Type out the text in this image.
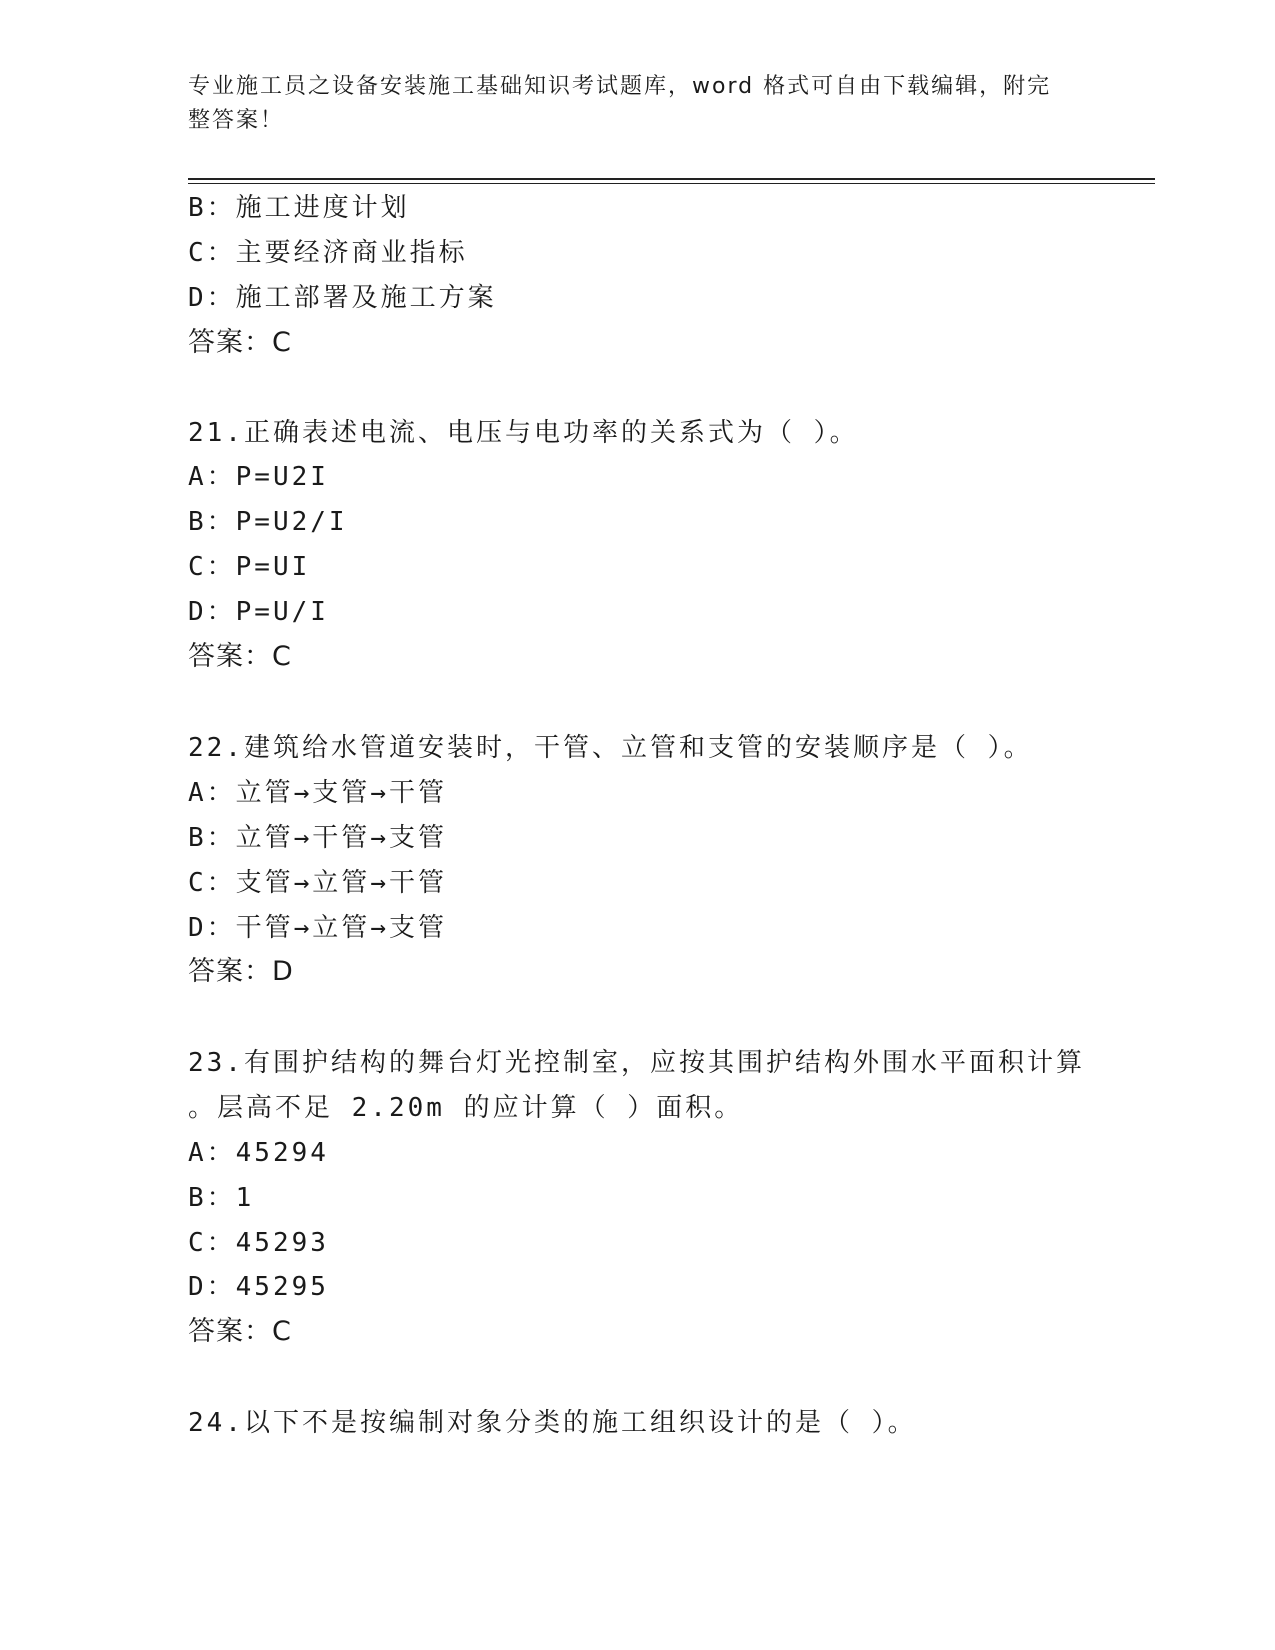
专业施工员之设备安装施工基础知识考试题库，word 格式可自由下载编辑，附完
整答案！
B：施工进度计划
C：主要经济商业指标
D：施工部署及施工方案
答案：C
21.正确表述电流、电压与电功率的关系式为（ ）。
A：P=U2I
B：P=U2/I
C：P=UI
D：P=U/I
答案：C
22.建筑给水管道安装时，干管、立管和支管的安装顺序是（ ）。
A：立管→支管→干管
B：立管→干管→支管
C：支管→立管→干管
D：干管→立管→支管
答案：D
23.有围护结构的舞台灯光控制室，应按其围护结构外围水平面积计算
。层高不足 2.20m 的应计算（ ）面积。
A：45294
B：1
C：45293
D：45295
答案：C
24.以下不是按编制对象分类的施工组织设计的是（ ）。
